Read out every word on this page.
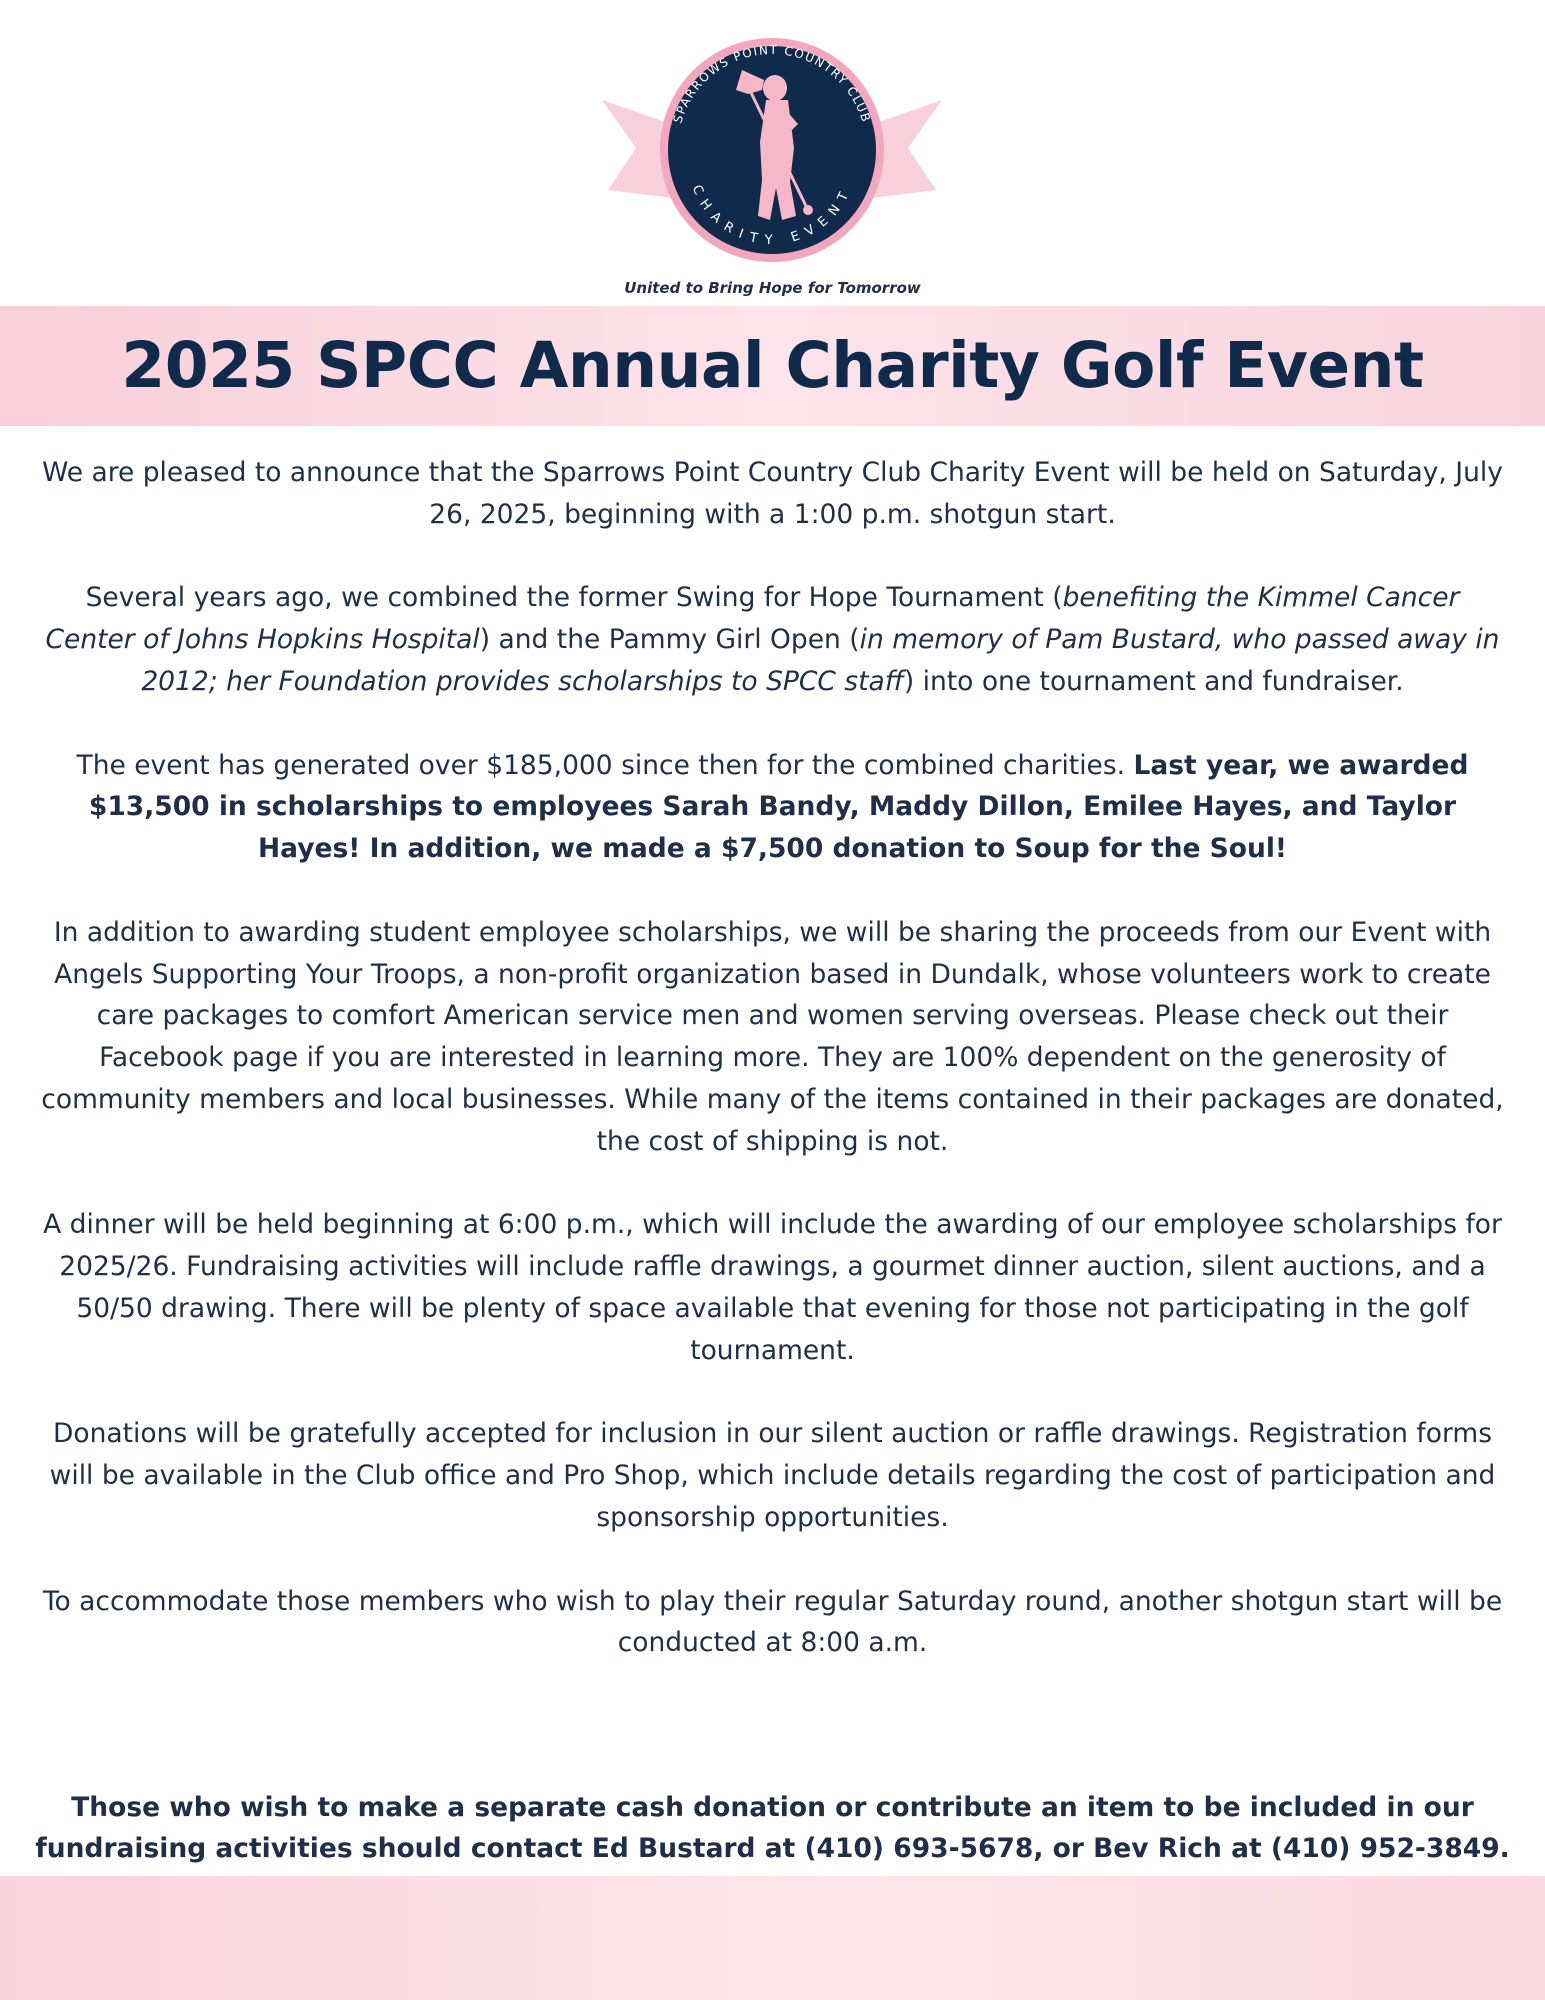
SPARROWS POINT COUNTRY CLUB
CHARITY EVENT
United to Bring Hope for Tomorrow
2025 SPCC Annual Charity Golf Event

We are pleased to announce that the Sparrows Point Country Club Charity Event will be held on Saturday, July 26, 2025, beginning with a 1:00 p.m. shotgun start.

Several years ago, we combined the former Swing for Hope Tournament (benefiting the Kimmel Cancer Center of Johns Hopkins Hospital) and the Pammy Girl Open (in memory of Pam Bustard, who passed away in 2012; her Foundation provides scholarships to SPCC staff) into one tournament and fundraiser.

The event has generated over $185,000 since then for the combined charities. Last year, we awarded $13,500 in scholarships to employees Sarah Bandy, Maddy Dillon, Emilee Hayes, and Taylor Hayes! In addition, we made a $7,500 donation to Soup for the Soul!

In addition to awarding student employee scholarships, we will be sharing the proceeds from our Event with Angels Supporting Your Troops, a non-profit organization based in Dundalk, whose volunteers work to create care packages to comfort American service men and women serving overseas. Please check out their Facebook page if you are interested in learning more. They are 100% dependent on the generosity of community members and local businesses. While many of the items contained in their packages are donated, the cost of shipping is not.

A dinner will be held beginning at 6:00 p.m., which will include the awarding of our employee scholarships for 2025/26. Fundraising activities will include raffle drawings, a gourmet dinner auction, silent auctions, and a 50/50 drawing. There will be plenty of space available that evening for those not participating in the golf tournament.

Donations will be gratefully accepted for inclusion in our silent auction or raffle drawings. Registration forms will be available in the Club office and Pro Shop, which include details regarding the cost of participation and sponsorship opportunities.

To accommodate those members who wish to play their regular Saturday round, another shotgun start will be conducted at 8:00 a.m.

Those who wish to make a separate cash donation or contribute an item to be included in our fundraising activities should contact Ed Bustard at (410) 693-5678, or Bev Rich at (410) 952-3849.
